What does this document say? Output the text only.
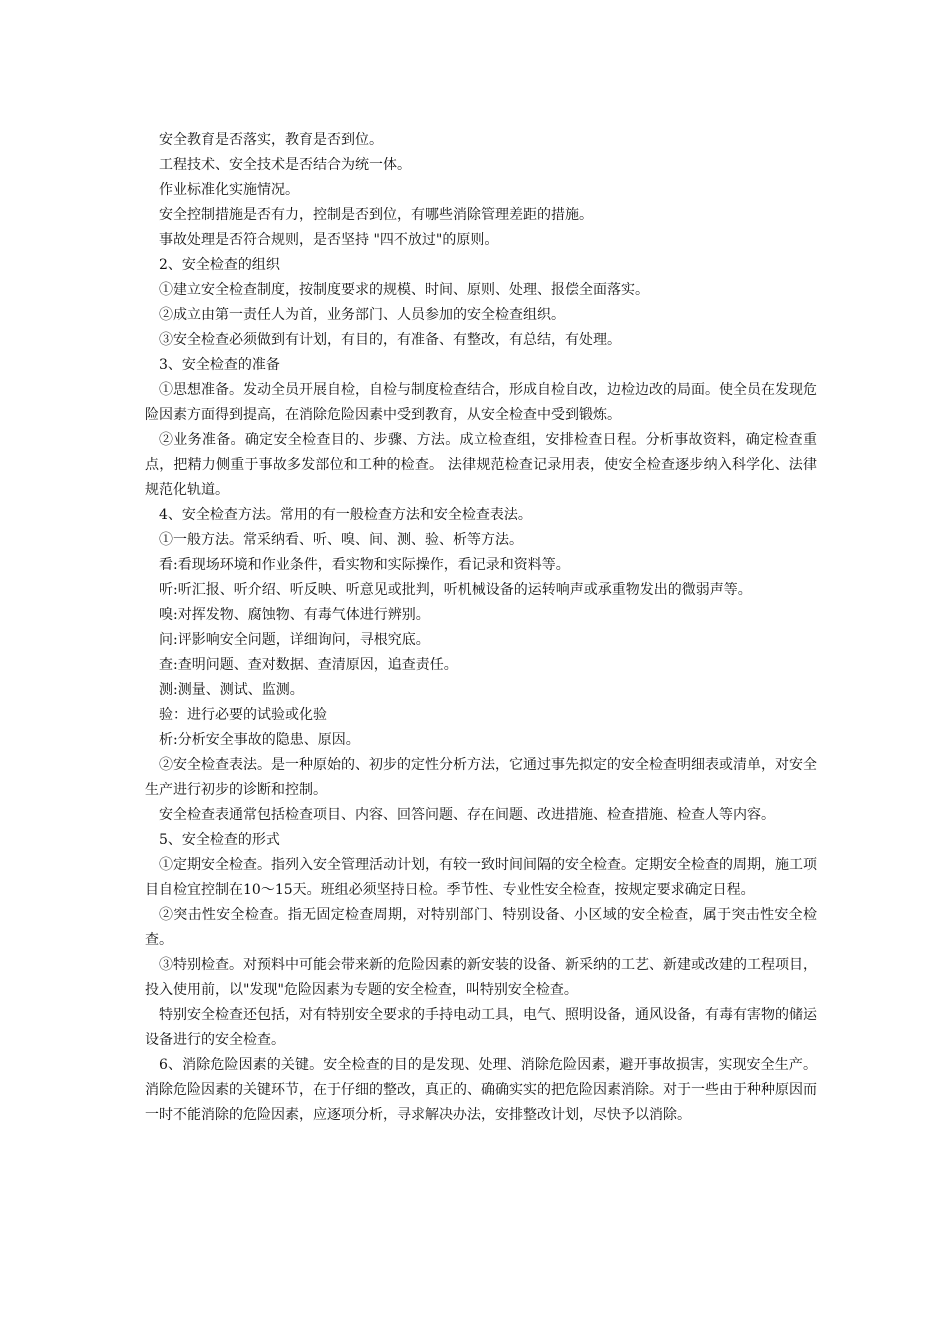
安全教育是否落实，教育是否到位。

工程技术、安全技术是否结合为统一体。

作业标准化实施情况。

安全控制措施是否有力，控制是否到位，有哪些消除管理差距的措施。

事故处理是否符合规则，是否坚持 "四不放过"的原则。

2、安全检查的组织

①建立安全检查制度，按制度要求的规模、时间、原则、处理、报偿全面落实。

②成立由第一责任人为首，业务部门、人员参加的安全检查组织。

③安全检查必须做到有计划，有目的，有准备、有整改，有总结，有处理。

3、安全检查的准备

①思想准备。发动全员开展自检，自检与制度检查结合，形成自检自改，边检边改的局面。使全员在发现危险因素方面得到提高，在消除危险因素中受到教育，从安全检查中受到锻炼。

②业务准备。确定安全检查目的、步骤、方法。成立检查组，安排检查日程。分析事故资料，确定检查重点，把精力侧重于事故多发部位和工种的检查。 法律规范检查记录用表，使安全检查逐步纳入科学化、法律规范化轨道。

4、安全检查方法。常用的有一般检查方法和安全检查表法。

①一般方法。常采纳看、听、嗅、间、测、验、析等方法。

看:看现场环境和作业条件，看实物和实际操作，看记录和资料等。

听:听汇报、听介绍、听反映、听意见或批判，听机械设备的运转响声或承重物发出的微弱声等。

嗅:对挥发物、腐蚀物、有毒气体进行辨别。

问:评影响安全问题，详细询问，寻根究底。

查:查明问题、查对数据、查清原因，追查责任。

测:测量、测试、监测。

验：进行必要的试验或化验

析:分析安全事故的隐患、原因。

②安全检查表法。是一种原始的、初步的定性分析方法，它通过事先拟定的安全检查明细表或清单，对安全生产进行初步的诊断和控制。

安全检查表通常包括检查项目、内容、回答问题、存在间题、改进措施、检查措施、检查人等内容。

5、安全检查的形式

①定期安全检查。指列入安全管理活动计划，有较一致时间间隔的安全检查。定期安全检查的周期，施工项目自检宜控制在10～15天。班组必须坚持日检。季节性、专业性安全检查，按规定要求确定日程。

②突击性安全检查。指无固定检查周期，对特别部门、特别设备、小区域的安全检查，属于突击性安全检查。

③特别检查。对预料中可能会带来新的危险因素的新安装的设备、新采纳的工艺、新建或改建的工程项目，投入使用前，以"发现"危险因素为专题的安全检查，叫特别安全检查。

特别安全检查还包括，对有特别安全要求的手持电动工具，电气、照明设备，通风设备，有毒有害物的储运设备进行的安全检查。

6、消除危险因素的关键。安全检查的目的是发现、处理、消除危险因素，避开事故损害，实现安全生产。消除危险因素的关键环节，在于仔细的整改，真正的、确确实实的把危险因素消除。对于一些由于种种原因而一时不能消除的危险因素，应逐项分析，寻求解决办法，安排整改计划，尽快予以消除。
